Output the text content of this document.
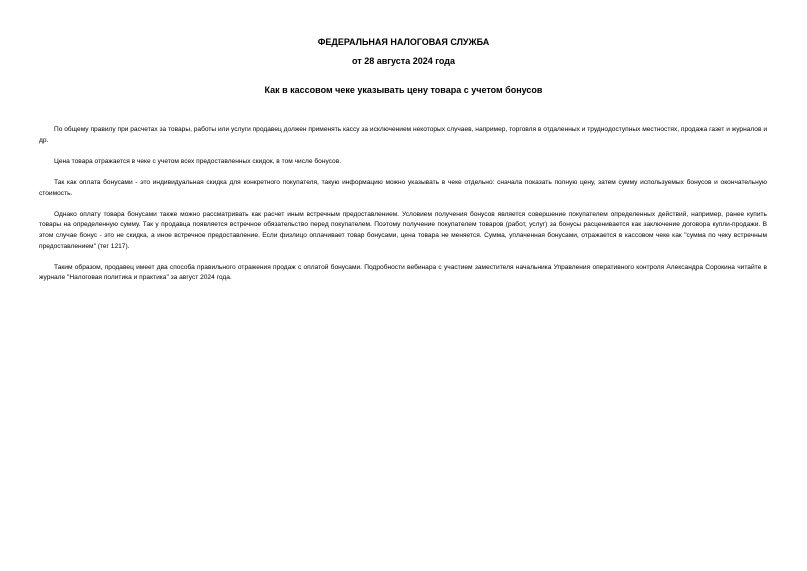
ФЕДЕРАЛЬНАЯ НАЛОГОВАЯ СЛУЖБА
от 28 августа 2024 года
Как в кассовом чеке указывать цену товара с учетом бонусов

По общему правилу при расчетах за товары, работы или услуги продавец должен применять кассу за исключением некоторых случаев, например, торговля в отдаленных и труднодоступных местностях, продажа газет и журналов и др.

Цена товара отражается в чеке с учетом всех предоставленных скидок, в том числе бонусов.

Так как оплата бонусами - это индивидуальная скидка для конкретного покупателя, такую информацию можно указывать в чеке отдельно: сначала показать полную цену, затем сумму используемых бонусов и окончательную стоимость.

Однако оплату товара бонусами также можно рассматривать как расчет иным встречным предоставлением. Условием получения бонусов является совершение покупателем определенных действий, например, ранее купить товары на определенную сумму. Так у продавца появляется встречное обязательство перед покупателем. Поэтому получение покупателем товаров (работ, услуг) за бонусы расценивается как заключение договора купли-продажи. В этом случае бонус - это не скидка, а иное встречное предоставление. Если физлицо оплачивает товар бонусами, цена товара не меняется. Сумма, уплаченная бонусами, отражается в кассовом чеке как "сумма по чеку встречным предоставлением" (тег 1217).

Таким образом, продавец имеет два способа правильного отражения продаж с оплатой бонусами. Подробности вебинара с участием заместителя начальника Управления оперативного контроля Александра Сорокина читайте в журнале "Налоговая политика и практика" за август 2024 года.
